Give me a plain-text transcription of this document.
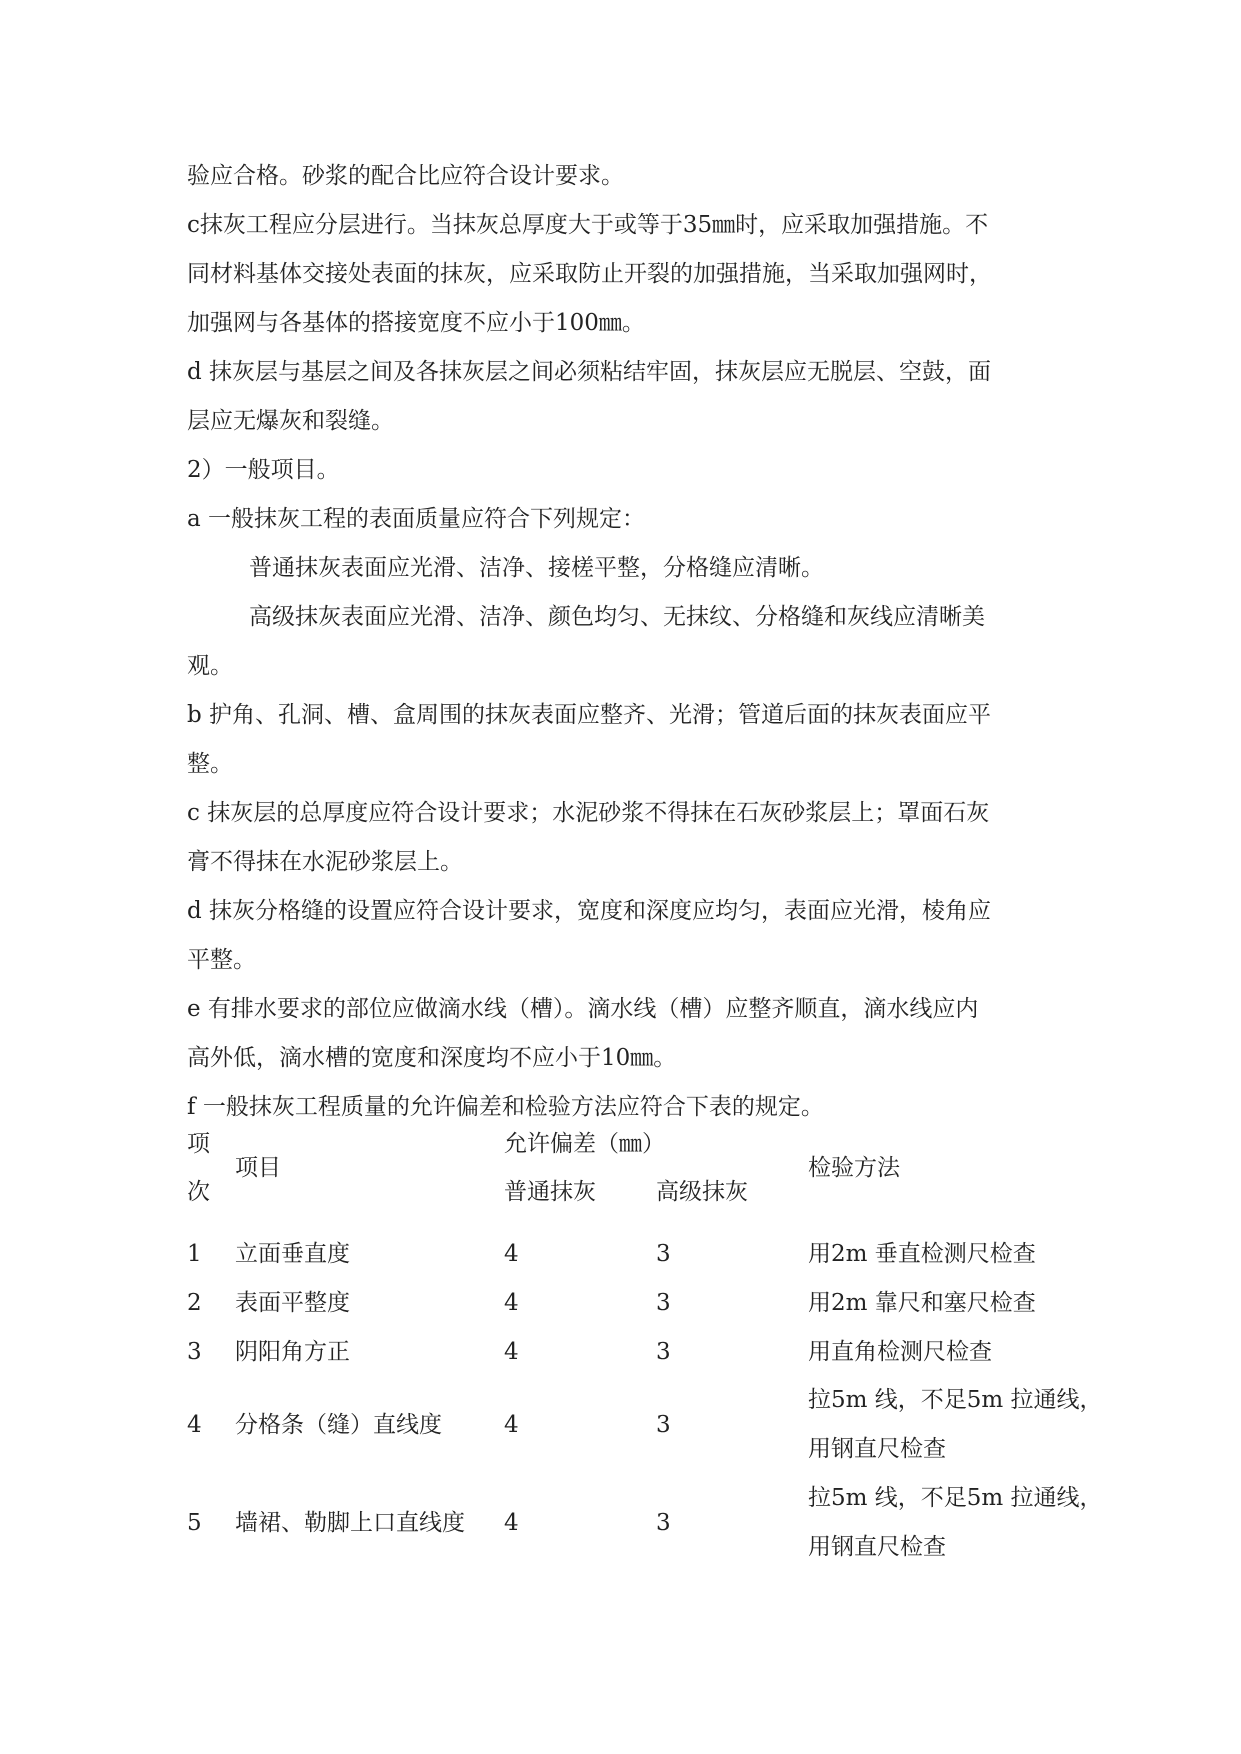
验应合格。砂浆的配合比应符合设计要求。
c抹灰工程应分层进行。当抹灰总厚度大于或等于35㎜时，应采取加强措施。不
同材料基体交接处表面的抹灰，应采取防止开裂的加强措施，当采取加强网时，
加强网与各基体的搭接宽度不应小于100㎜。
d 抹灰层与基层之间及各抹灰层之间必须粘结牢固，抹灰层应无脱层、空鼓，面
层应无爆灰和裂缝。
2）一般项目。
a 一般抹灰工程的表面质量应符合下列规定：
普通抹灰表面应光滑、洁净、接槎平整，分格缝应清晰。
高级抹灰表面应光滑、洁净、颜色均匀、无抹纹、分格缝和灰线应清晰美
观。
b 护角、孔洞、槽、盒周围的抹灰表面应整齐、光滑；管道后面的抹灰表面应平
整。
c 抹灰层的总厚度应符合设计要求；水泥砂浆不得抹在石灰砂浆层上；罩面石灰
膏不得抹在水泥砂浆层上。
d 抹灰分格缝的设置应符合设计要求，宽度和深度应均匀，表面应光滑，棱角应
平整。
e 有排水要求的部位应做滴水线（槽）。滴水线（槽）应整齐顺直，滴水线应内
高外低，滴水槽的宽度和深度均不应小于10㎜。
f 一般抹灰工程质量的允许偏差和检验方法应符合下表的规定。
项
次
项目
允许偏差（㎜）
普通抹灰	高级抹灰
检验方法
1 立面垂直度	4	3	用2m 垂直检测尺检查
2 表面平整度	4	3	用2m 靠尺和塞尺检查
3 阴阳角方正	4	3	用直角检测尺检查
4 分格条（缝）直线度	4	3
拉5m 线，不足5m 拉通线，
用钢直尺检查
5 墙裙、勒脚上口直线度 4	3
拉5m 线，不足5m 拉通线，
用钢直尺检查
